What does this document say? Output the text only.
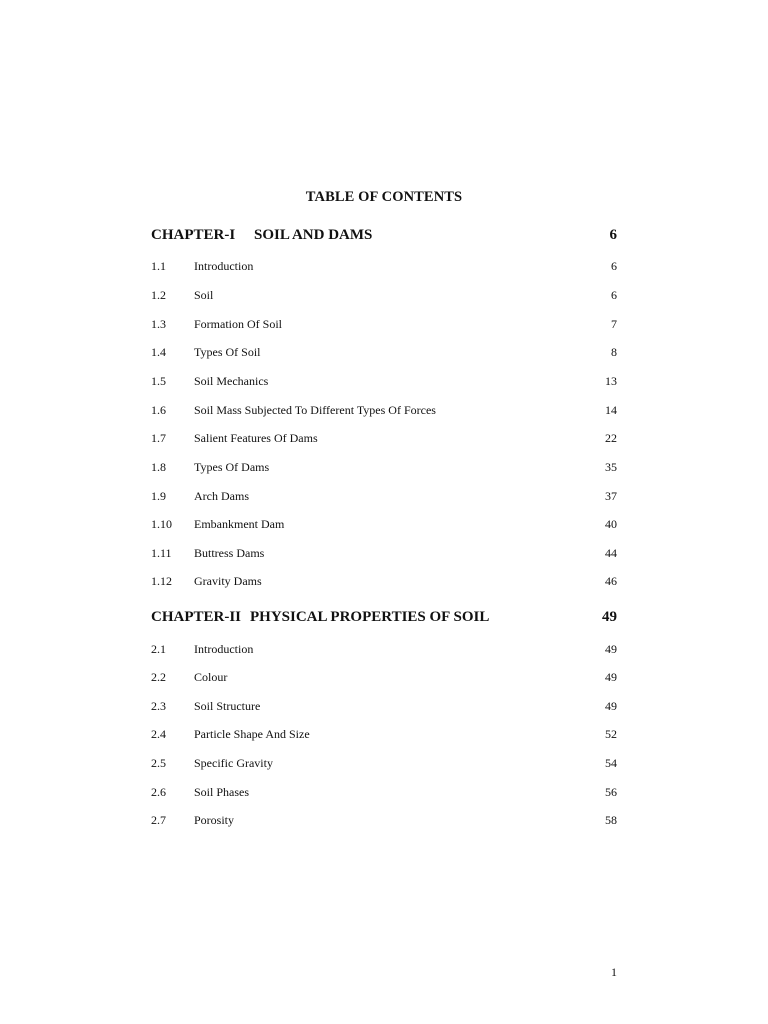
TABLE OF CONTENTS
CHAPTER-I SOIL AND DAMS	6
1.1 Introduction	6
1.2 Soil	6
1.3 Formation Of Soil	7
1.4 Types Of Soil	8
1.5 Soil Mechanics	13
1.6 Soil Mass Subjected To Different Types Of Forces	14
1.7 Salient Features Of Dams	22
1.8 Types Of Dams	35
1.9 Arch Dams	37
1.10 Embankment Dam	40
1.11 Buttress Dams	44
1.12 Gravity Dams	46
CHAPTER-II PHYSICAL PROPERTIES OF SOIL	49
2.1 Introduction	49
2.2 Colour	49
2.3 Soil Structure	49
2.4 Particle Shape And Size	52
2.5 Specific Gravity	54
2.6 Soil Phases	56
2.7 Porosity	58
1
